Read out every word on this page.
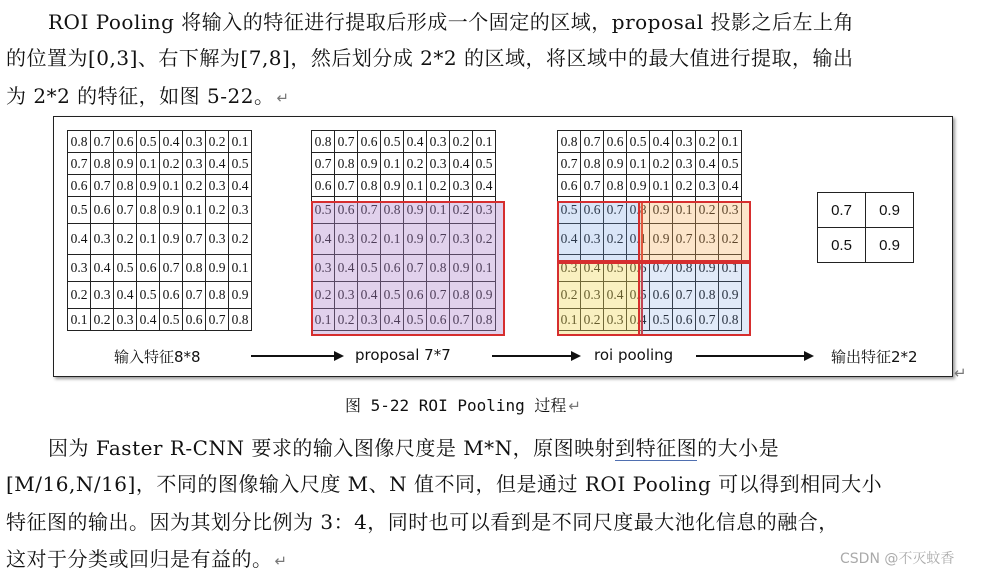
ROI Pooling 将输入的特征进行提取后形成一个固定的区域，proposal 投影之后左上角
的位置为[0,3]、右下解为[7,8]，然后划分成 2*2 的区域，将区域中的最大值进行提取，输出
为 2*2 的特征，如图 5-22。 ↵
0.8	0.7	0.6	0.5	0.4	0.3	0.2	0.1
0.7	0.8	0.9	0.1	0.2	0.3	0.4	0.5
0.6	0.7	0.8	0.9	0.1	0.2	0.3	0.4
0.5	0.6	0.7	0.8	0.9	0.1	0.2	0.3
0.4	0.3	0.2	0.1	0.9	0.7	0.3	0.2
0.3	0.4	0.5	0.6	0.7	0.8	0.9	0.1
0.2	0.3	0.4	0.5	0.6	0.7	0.8	0.9
0.1	0.2	0.3	0.4	0.5	0.6	0.7	0.8
0.8	0.7	0.6	0.5	0.4	0.3	0.2	0.1
0.7	0.8	0.9	0.1	0.2	0.3	0.4	0.5
0.6	0.7	0.8	0.9	0.1	0.2	0.3	0.4
0.5	0.6	0.7	0.8	0.9	0.1	0.2	0.3
0.4	0.3	0.2	0.1	0.9	0.7	0.3	0.2
0.3	0.4	0.5	0.6	0.7	0.8	0.9	0.1
0.2	0.3	0.4	0.5	0.6	0.7	0.8	0.9
0.1	0.2	0.3	0.4	0.5	0.6	0.7	0.8
0.8	0.7	0.6	0.5	0.4	0.3	0.2	0.1
0.7	0.8	0.9	0.1	0.2	0.3	0.4	0.5
0.6	0.7	0.8	0.9	0.1	0.2	0.3	0.4
0.5	0.6	0.7	0.8	0.9	0.1	0.2	0.3
0.4	0.3	0.2	0.1	0.9	0.7	0.3	0.2
0.3	0.4	0.5	0.6	0.7	0.8	0.9	0.1
0.2	0.3	0.4	0.5	0.6	0.7	0.8	0.9
0.1	0.2	0.3	0.4	0.5	0.6	0.7	0.8
0.7	0.9
0.5	0.9
输入特征8*8	proposal 7*7	roi pooling	输出特征2*2
↵
图 5-22 ROI Pooling 过程 ↵
因为 Faster R-CNN 要求的输入图像尺度是 M*N，原图映射到特征图的大小是
[M/16,N/16]，不同的图像输入尺度 M、N 值不同，但是通过 ROI Pooling 可以得到相同大小
特征图的输出。因为其划分比例为 3：4，同时也可以看到是不同尺度最大池化信息的融合，
这对于分类或回归是有益的。 ↵	CSDN @不灭蚊香
